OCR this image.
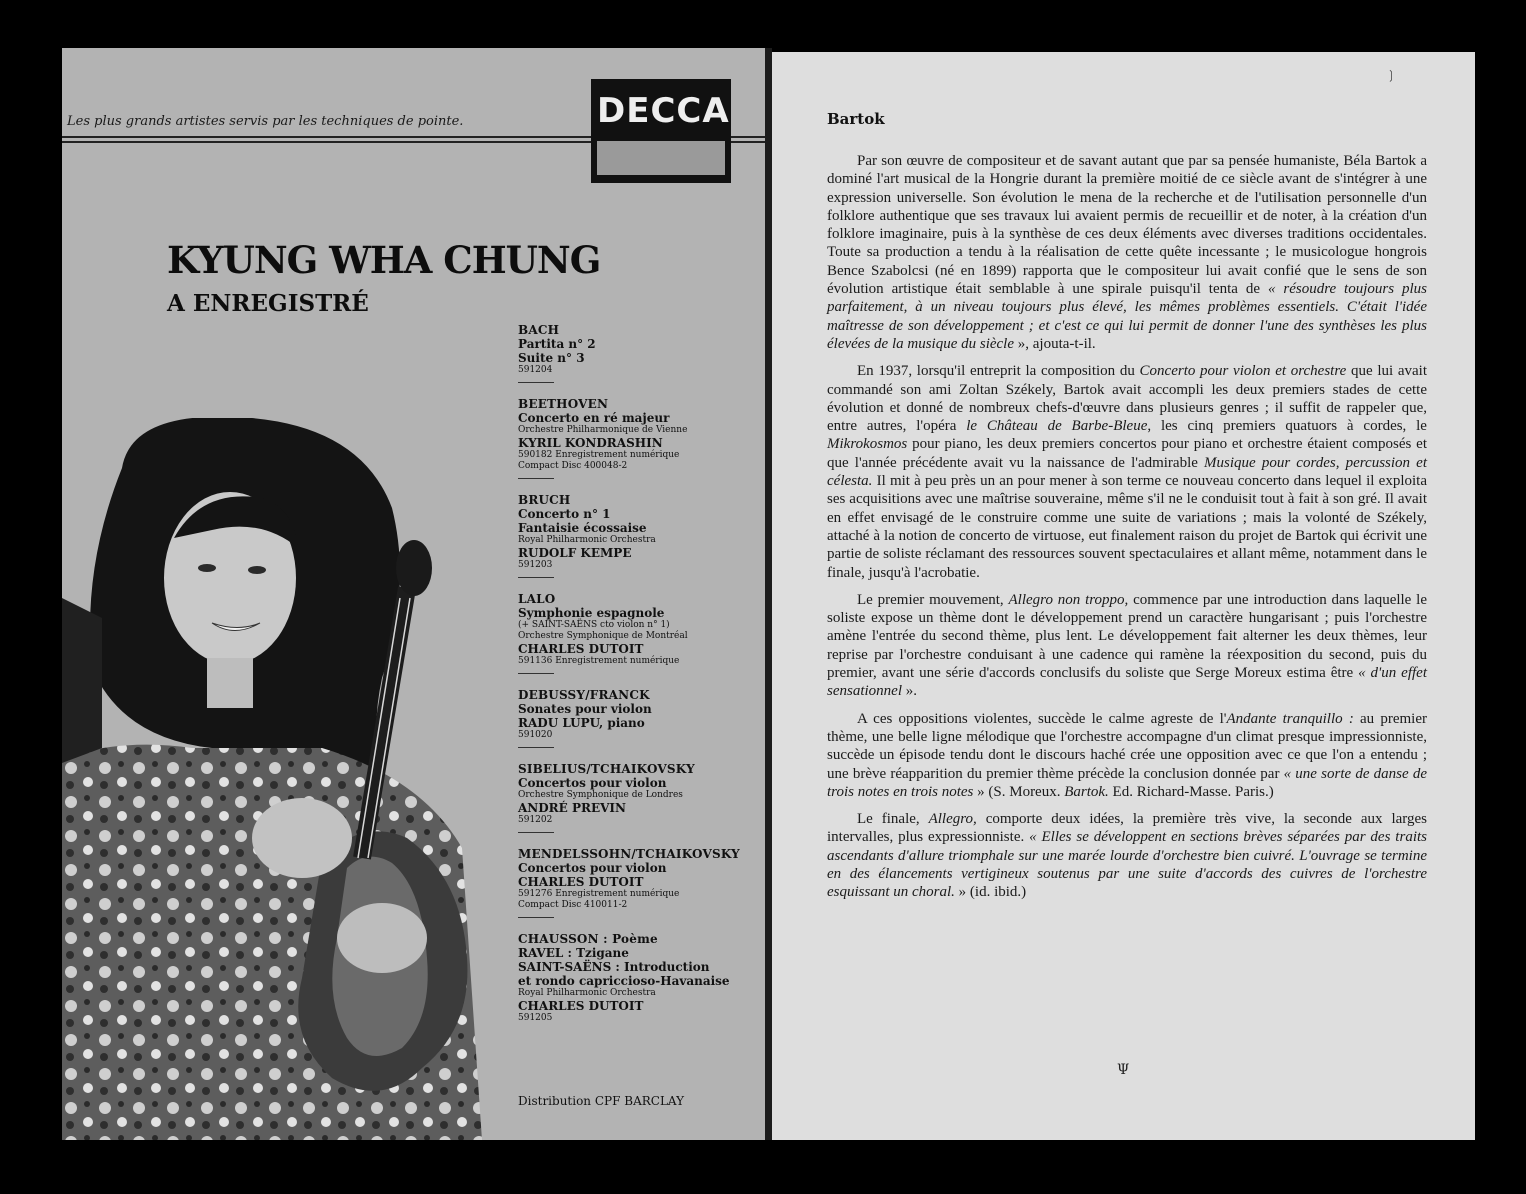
Les plus grands artistes servis par les techniques de pointe.	DECCA
KYUNG WHA CHUNG
A ENREGISTRÉ
BACH
Partita n° 2
Suite n° 3
591204
BEETHOVEN
Concerto en ré majeur
Orchestre Philharmonique de Vienne
KYRIL KONDRASHIN
590182 Enregistrement numérique
Compact Disc 400048-2
BRUCH
Concerto n° 1
Fantaisie écossaise
Royal Philharmonic Orchestra
RUDOLF KEMPE
591203
LALO
Symphonie espagnole
(+ SAINT-SAËNS cto violon n° 1)
Orchestre Symphonique de Montréal
CHARLES DUTOIT
591136 Enregistrement numérique
DEBUSSY/FRANCK
Sonates pour violon
RADU LUPU, piano
591020
SIBELIUS/TCHAIKOVSKY
Concertos pour violon
Orchestre Symphonique de Londres
ANDRÉ PREVIN
591202
MENDELSSOHN/TCHAIKOVSKY
Concertos pour violon
CHARLES DUTOIT
591276 Enregistrement numérique
Compact Disc 410011-2
CHAUSSON : Poème
RAVEL : Tzigane
SAINT-SAËNS : Introduction
et rondo capriccioso-Havanaise
Royal Philharmonic Orchestra
CHARLES DUTOIT
591205
Distribution CPF BARCLAY
❳
Bartok

Par son œuvre de compositeur et de savant autant que par sa pensée humaniste, Béla Bartok a dominé l'art musical de la Hongrie durant la première moitié de ce siècle avant de s'intégrer à une expression universelle. Son évolution le mena de la recherche et de l'utilisation personnelle d'un folklore authentique que ses travaux lui avaient permis de recueillir et de noter, à la création d'un folklore imaginaire, puis à la synthèse de ces deux éléments avec diverses traditions occidentales. Toute sa production a tendu à la réalisation de cette quête incessante ; le musicologue hongrois Bence Szabolcsi (né en 1899) rapporta que le compositeur lui avait confié que le sens de son évolution artistique était semblable à une spirale puisqu'il tenta de « résoudre toujours plus parfaitement, à un niveau toujours plus élevé, les mêmes problèmes essentiels. C'était l'idée maîtresse de son développement ; et c'est ce qui lui permit de donner l'une des synthèses les plus élevées de la musique du siècle », ajouta-t-il.

En 1937, lorsqu'il entreprit la composition du Concerto pour violon et orchestre que lui avait commandé son ami Zoltan Székely, Bartok avait accompli les deux premiers stades de cette évolution et donné de nombreux chefs-d'œuvre dans plusieurs genres ; il suffit de rappeler que, entre autres, l'opéra le Château de Barbe-Bleue, les cinq premiers quatuors à cordes, le Mikrokosmos pour piano, les deux premiers concertos pour piano et orchestre étaient composés et que l'année précédente avait vu la naissance de l'admirable Musique pour cordes, percussion et célesta. Il mit à peu près un an pour mener à son terme ce nouveau concerto dans lequel il exploita ses acquisitions avec une maîtrise souveraine, même s'il ne le conduisit tout à fait à son gré. Il avait en effet envisagé de le construire comme une suite de variations ; mais la volonté de Székely, attaché à la notion de concerto de virtuose, eut finalement raison du projet de Bartok qui écrivit une partie de soliste réclamant des ressources souvent spectaculaires et allant même, notamment dans le finale, jusqu'à l'acrobatie.

Le premier mouvement, Allegro non troppo, commence par une introduction dans laquelle le soliste expose un thème dont le développement prend un caractère hungarisant ; puis l'orchestre amène l'entrée du second thème, plus lent. Le développement fait alterner les deux thèmes, leur reprise par l'orchestre conduisant à une cadence qui ramène la réexposition du second, puis du premier, avant une série d'accords conclusifs du soliste que Serge Moreux estima être « d'un effet sensationnel ».

A ces oppositions violentes, succède le calme agreste de l'Andante tranquillo : au premier thème, une belle ligne mélodique que l'orchestre accompagne d'un climat presque impressionniste, succède un épisode tendu dont le discours haché crée une opposition avec ce que l'on a entendu ; une brève réapparition du premier thème précède la conclusion donnée par « une sorte de danse de trois notes en trois notes » (S. Moreux. Bartok. Ed. Richard-Masse. Paris.)

Le finale, Allegro, comporte deux idées, la première très vive, la seconde aux larges intervalles, plus expressionniste. « Elles se développent en sections brèves séparées par des traits ascendants d'allure triomphale sur une marée lourde d'orchestre bien cuivré. L'ouvrage se termine en des élancements vertigineux soutenus par une suite d'accords des cuivres de l'orchestre esquissant un choral. » (id. ibid.)

Ψ
